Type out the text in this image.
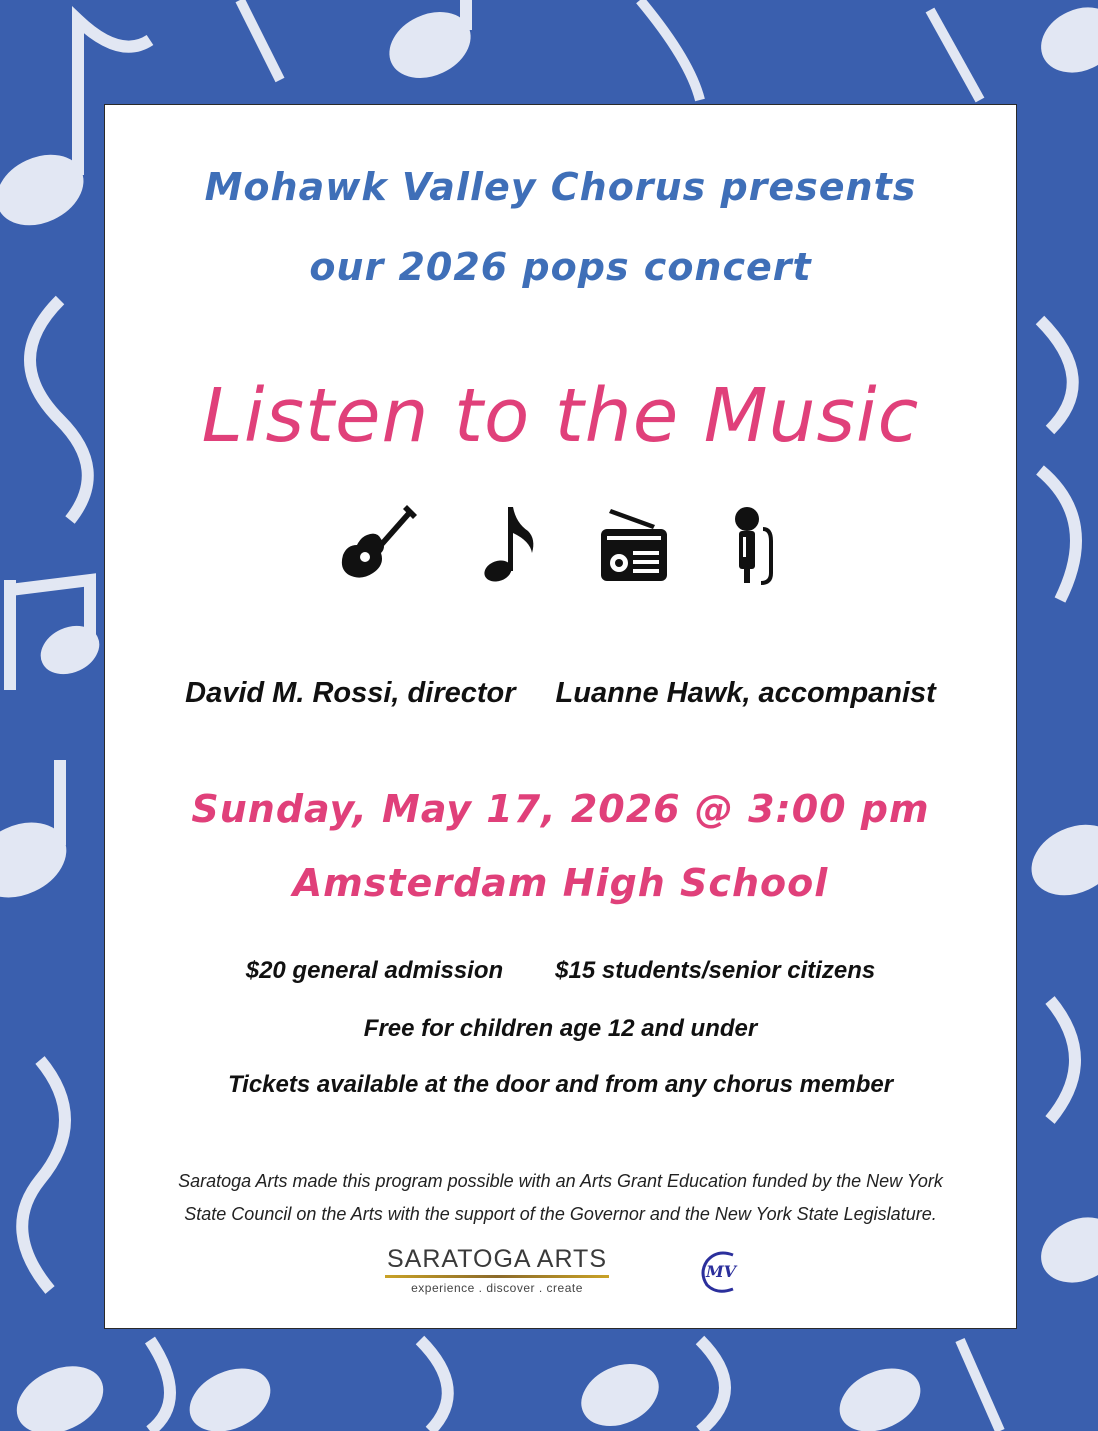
Mohawk Valley Chorus presents
our 2026 pops concert
Listen to the Music
David M. Rossi, director Luanne Hawk, accompanist
Sunday, May 17, 2026 @ 3:00 pm
Amsterdam High School
$20 general admission $15 students/senior citizens
Free for children age 12 and under
Tickets available at the door and from any chorus member
Saratoga Arts made this program possible with an Arts Grant Education funded by the New York
State Council on the Arts with the support of the Governor and the New York State Legislature.
SARATOGA ARTS
experience . discover . create
MV
